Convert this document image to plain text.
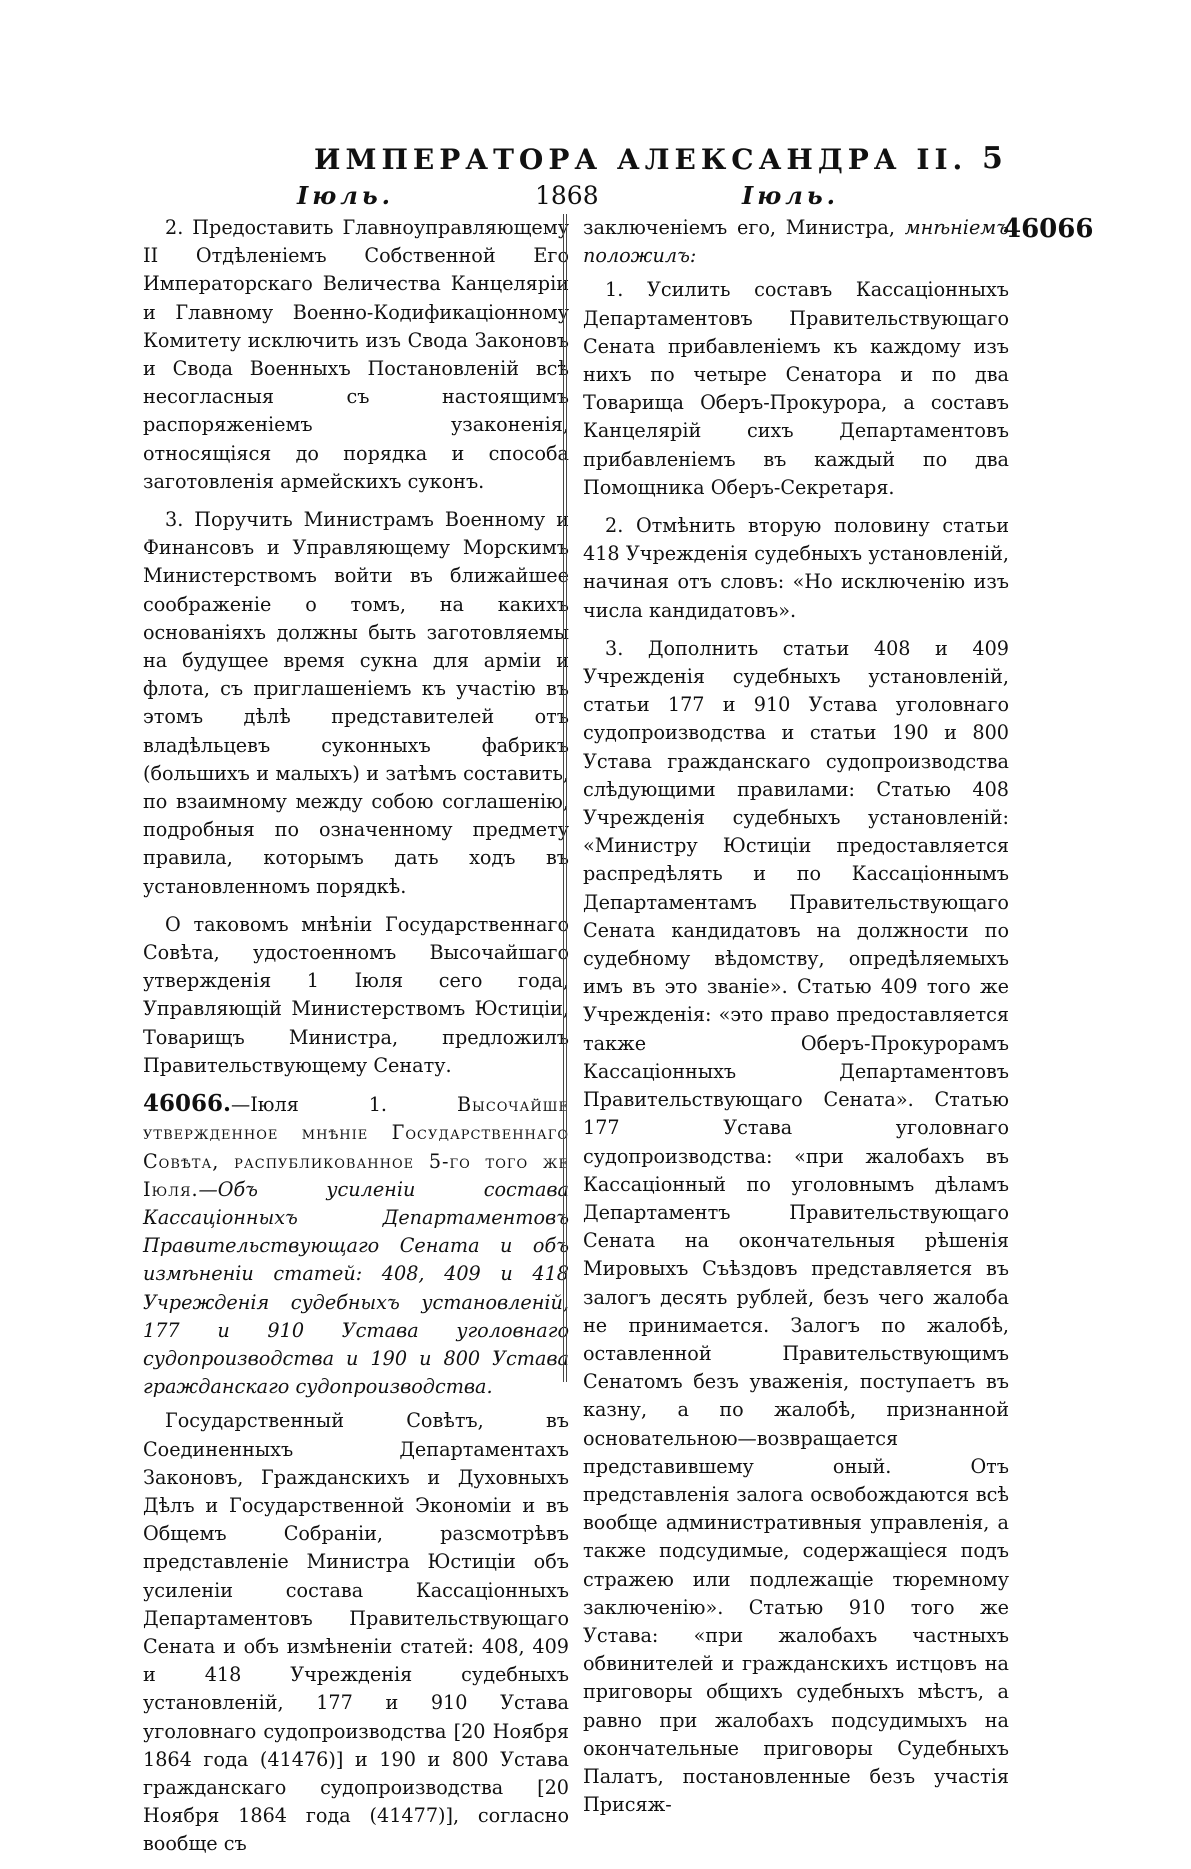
ИМПЕРАТОРА АЛЕКСАНДРА II. 5
Іюль.	1868	Іюль.

2. Предоставить Главноуправляющему II Отдѣленіемъ Собственной Его Императорскаго Величества Канцеляріи и Главному Военно-Кодификаціонному Комитету исключить изъ Свода Законовъ и Свода Военныхъ Постановленій всѣ несогласныя съ настоящимъ распоряженіемъ узаконенія, относящіяся до порядка и способа заготовленія армейскихъ суконъ.

3. Поручить Министрамъ Военному и Финансовъ и Управляющему Морскимъ Министерствомъ войти въ ближайшее соображеніе о томъ, на какихъ основаніяхъ должны быть заготовляемы на будущее время сукна для арміи и флота, съ приглашеніемъ къ участію въ этомъ дѣлѣ представителей отъ владѣльцевъ суконныхъ фабрикъ (большихъ и малыхъ) и затѣмъ составить, по взаимному между собою соглашенію, подробныя по означенному предмету правила, которымъ дать ходъ въ установленномъ порядкѣ.

О таковомъ мнѣніи Государственнаго Совѣта, удостоенномъ Высочайшаго утвержденія 1 Іюля сего года, Управляющій Министерствомъ Юстиціи, Товарищъ Министра, предложилъ Правительствующему Сенату.

46066.—Іюля 1.	Высочайше утвержденное мнѣніе Государственнаго Совѣта, распубликованное 5-го того же Іюля.—Объ усиленіи состава Кассаціонныхъ Департаментовъ Правительствующаго Сената и объ измѣненіи статей: 408, 409 и 418 Учрежденія судебныхъ установленій, 177 и 910 Устава уголовнаго судопроизводства и 190 и 800 Устава гражданскаго судопроизводства.

Государственный Совѣтъ, въ Соединенныхъ Департаментахъ Законовъ, Гражданскихъ и Духовныхъ Дѣлъ и Государственной Экономіи и въ Общемъ Собраніи, разсмотрѣвъ представленіе Министра Юстиціи объ усиленіи состава Кассаціонныхъ Департаментовъ Правительствующаго Сената и объ измѣненіи статей: 408, 409 и 418 Учрежденія судебныхъ установленій, 177 и 910 Устава уголовнаго судопроизводства [20 Ноября 1864 года (41476)] и 190 и 800 Устава гражданскаго судопроизводства [20 Ноября 1864 года (41477)], согласно вообще съ

заключеніемъ его, Министра, мнѣніемъ положилъ:

1. Усилить составъ Кассаціонныхъ Департаментовъ Правительствующаго Сената прибавленіемъ къ каждому изъ нихъ по четыре Сенатора и по два Товарища Оберъ-Прокурора, а составъ Канцелярій сихъ Департаментовъ прибавленіемъ въ каждый по два Помощника Оберъ-Секретаря.

2. Отмѣнить вторую половину статьи 418 Учрежденія судебныхъ установленій, начиная отъ словъ: «Но исключенію изъ числа кандидатовъ».

3. Дополнить статьи 408 и 409 Учрежденія судебныхъ установленій, статьи 177 и 910 Устава уголовнаго судопроизводства и статьи 190 и 800 Устава гражданскаго судопроизводства слѣдующими правилами: Статью 408 Учрежденія судебныхъ установленій: «Министру Юстиціи предоставляется распредѣлять и по Кассаціоннымъ Департаментамъ Правительствующаго Сената кандидатовъ на должности по судебному вѣдомству, опредѣляемыхъ имъ въ это званіе». Статью 409 того же Учрежденія: «это право предоставляется также Оберъ-Прокурорамъ Кассаціонныхъ Департаментовъ Правительствующаго Сената». Статью 177 Устава уголовнаго судопроизводства: «при жалобахъ въ Кассаціонный по уголовнымъ дѣламъ Департаментъ Правительствующаго Сената на окончательныя рѣшенія Мировыхъ Съѣздовъ представляется въ залогъ десять рублей, безъ чего жалоба не принимается. Залогъ по жалобѣ, оставленной Правительствующимъ Сенатомъ безъ уваженія, поступаетъ въ казну, а по жалобѣ, признанной основательною—возвращается представившему оный. Отъ представленія залога освобождаются всѣ вообще административныя управленія, а также подсудимые, содержащіеся подъ стражею или подлежащіе тюремному заключенію». Статью 910 того же Устава: «при жалобахъ частныхъ обвинителей и гражданскихъ истцовъ на приговоры общихъ судебныхъ мѣстъ, а равно при жалобахъ подсудимыхъ на окончательные приговоры Судебныхъ Палатъ, постановленные безъ участія Присяж-

46066
